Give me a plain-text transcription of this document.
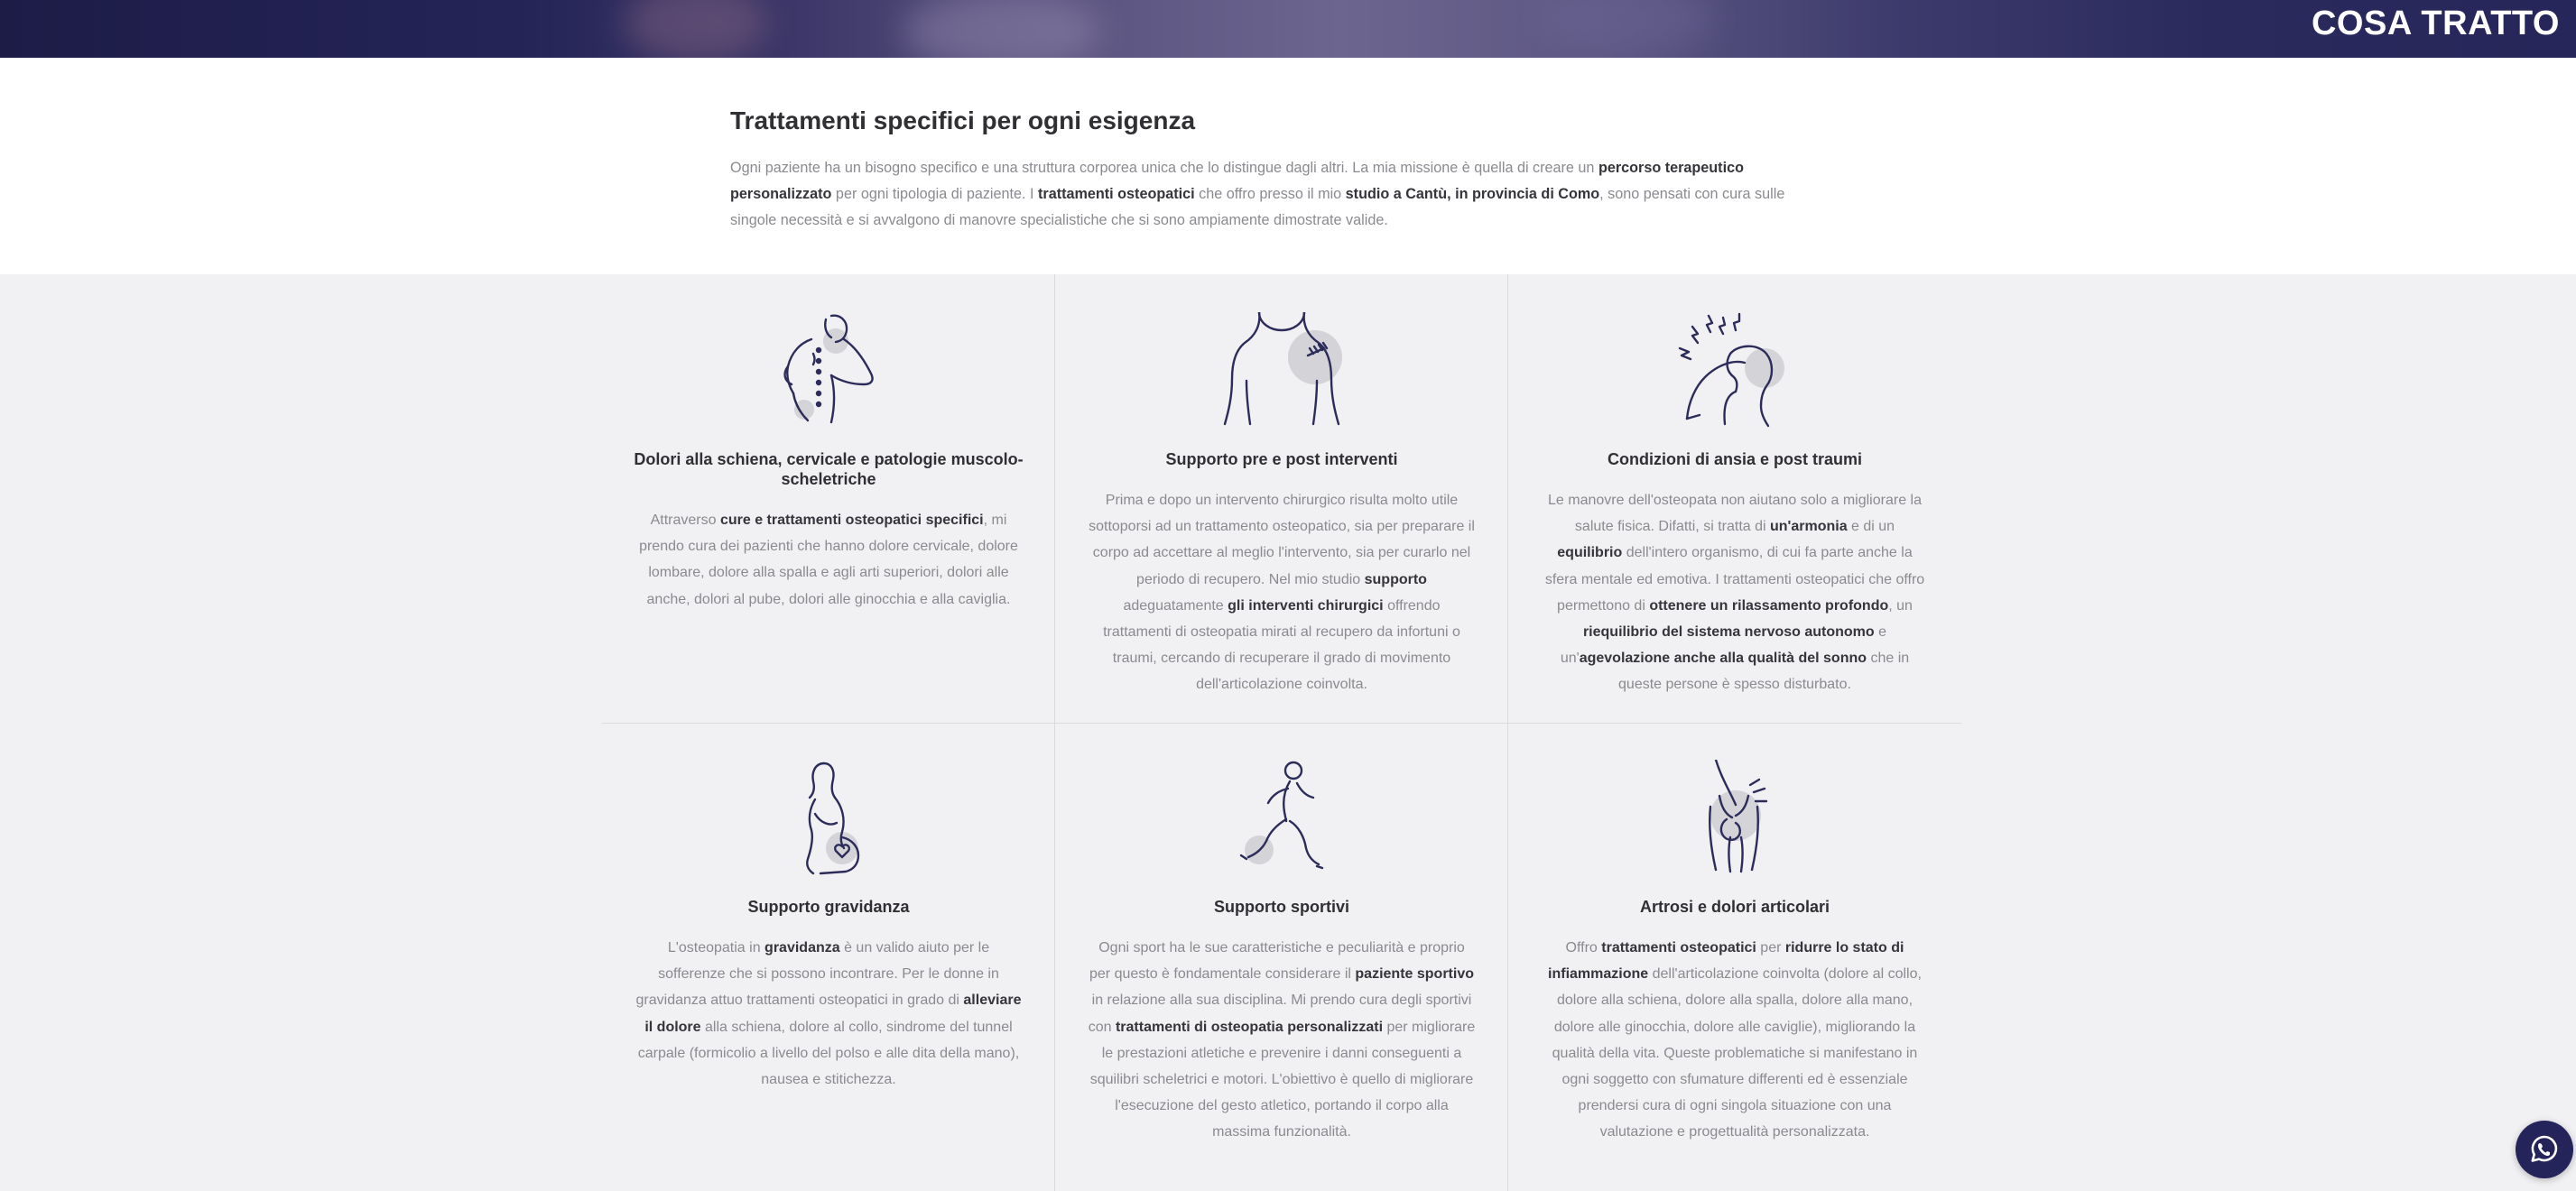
COSA TRATTO
Trattamenti specifici per ogni esigenza

Ogni paziente ha un bisogno specifico e una struttura corporea unica che lo distingue dagli altri. La mia missione è quella di creare un percorso terapeutico personalizzato per ogni tipologia di paziente. I trattamenti osteopatici che offro presso il mio studio a Cantù, in provincia di Como, sono pensati con cura sulle singole necessità e si avvalgono di manovre specialistiche che si sono ampiamente dimostrate valide.

Dolori alla schiena, cervicale e patologie muscolo-scheletriche

Attraverso cure e trattamenti osteopatici specifici, mi prendo cura dei pazienti che hanno dolore cervicale, dolore lombare, dolore alla spalla e agli arti superiori, dolori alle anche, dolori al pube, dolori alle ginocchia e alla caviglia.

Supporto pre e post interventi

Prima e dopo un intervento chirurgico risulta molto utile sottoporsi ad un trattamento osteopatico, sia per preparare il corpo ad accettare al meglio l'intervento, sia per curarlo nel periodo di recupero. Nel mio studio supporto adeguatamente gli interventi chirurgici offrendo trattamenti di osteopatia mirati al recupero da infortuni o traumi, cercando di recuperare il grado di movimento dell'articolazione coinvolta.

Condizioni di ansia e post traumi

Le manovre dell'osteopata non aiutano solo a migliorare la salute fisica. Difatti, si tratta di un'armonia e di un equilibrio dell'intero organismo, di cui fa parte anche la sfera mentale ed emotiva. I trattamenti osteopatici che offro permettono di ottenere un rilassamento profondo, un riequilibrio del sistema nervoso autonomo e un'agevolazione anche alla qualità del sonno che in queste persone è spesso disturbato.

Supporto gravidanza

L'osteopatia in gravidanza è un valido aiuto per le sofferenze che si possono incontrare. Per le donne in gravidanza attuo trattamenti osteopatici in grado di alleviare il dolore alla schiena, dolore al collo, sindrome del tunnel carpale (formicolio a livello del polso e alle dita della mano), nausea e stitichezza.

Supporto sportivi

Ogni sport ha le sue caratteristiche e peculiarità e proprio per questo è fondamentale considerare il paziente sportivo in relazione alla sua disciplina. Mi prendo cura degli sportivi con trattamenti di osteopatia personalizzati per migliorare le prestazioni atletiche e prevenire i danni conseguenti a squilibri scheletrici e motori. L'obiettivo è quello di migliorare l'esecuzione del gesto atletico, portando il corpo alla massima funzionalità.

Artrosi e dolori articolari

Offro trattamenti osteopatici per ridurre lo stato di infiammazione dell'articolazione coinvolta (dolore al collo, dolore alla schiena, dolore alla spalla, dolore alla mano, dolore alle ginocchia, dolore alle caviglie), migliorando la qualità della vita. Queste problematiche si manifestano in ogni soggetto con sfumature differenti ed è essenziale prendersi cura di ogni singola situazione con una valutazione e progettualità personalizzata.
